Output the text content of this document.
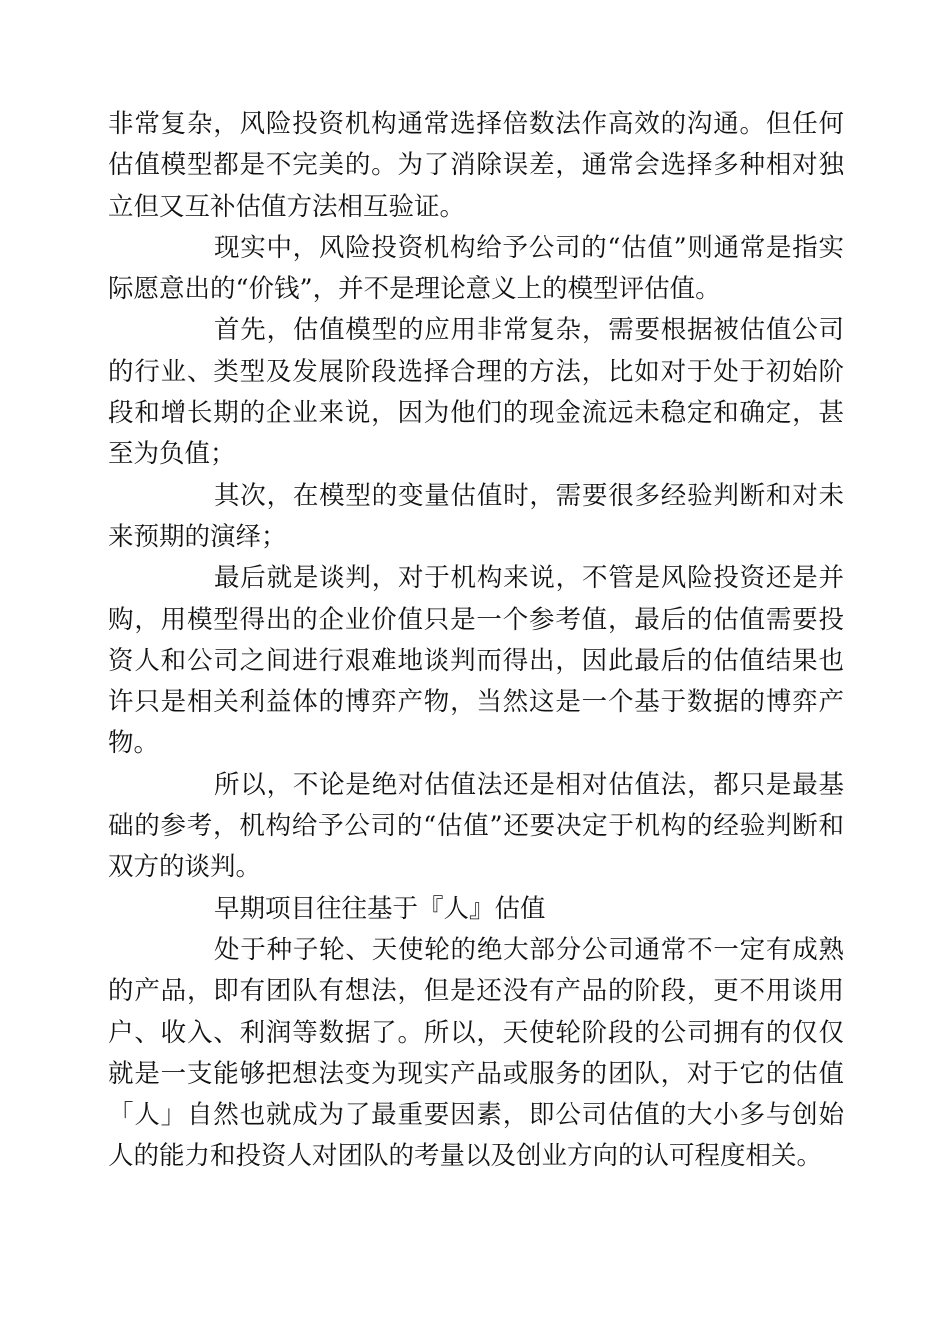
非常复杂，风险投资机构通常选择倍数法作高效的沟通。但任何估值模型都是不完美的。为了消除误差，通常会选择多种相对独立但又互补估值方法相互验证。

现实中，风险投资机构给予公司的“估值”则通常是指实际愿意出的“价钱”，并不是理论意义上的模型评估值。

首先，估值模型的应用非常复杂，需要根据被估值公司的行业、类型及发展阶段选择合理的方法，比如对于处于初始阶段和增长期的企业来说，因为他们的现金流远未稳定和确定，甚至为负值；

其次，在模型的变量估值时，需要很多经验判断和对未来预期的演绎；

最后就是谈判，对于机构来说，不管是风险投资还是并购，用模型得出的企业价值只是一个参考值，最后的估值需要投资人和公司之间进行艰难地谈判而得出，因此最后的估值结果也许只是相关利益体的博弈产物，当然这是一个基于数据的博弈产物。

所以，不论是绝对估值法还是相对估值法，都只是最基础的参考，机构给予公司的“估值”还要决定于机构的经验判断和双方的谈判。

早期项目往往基于『人』估值

处于种子轮、天使轮的绝大部分公司通常不一定有成熟的产品，即有团队有想法，但是还没有产品的阶段，更不用谈用户、收入、利润等数据了。所以，天使轮阶段的公司拥有的仅仅就是一支能够把想法变为现实产品或服务的团队，对于它的估值「人」自然也就成为了最重要因素，即公司估值的大小多与创始人的能力和投资人对团队的考量以及创业方向的认可程度相关。
